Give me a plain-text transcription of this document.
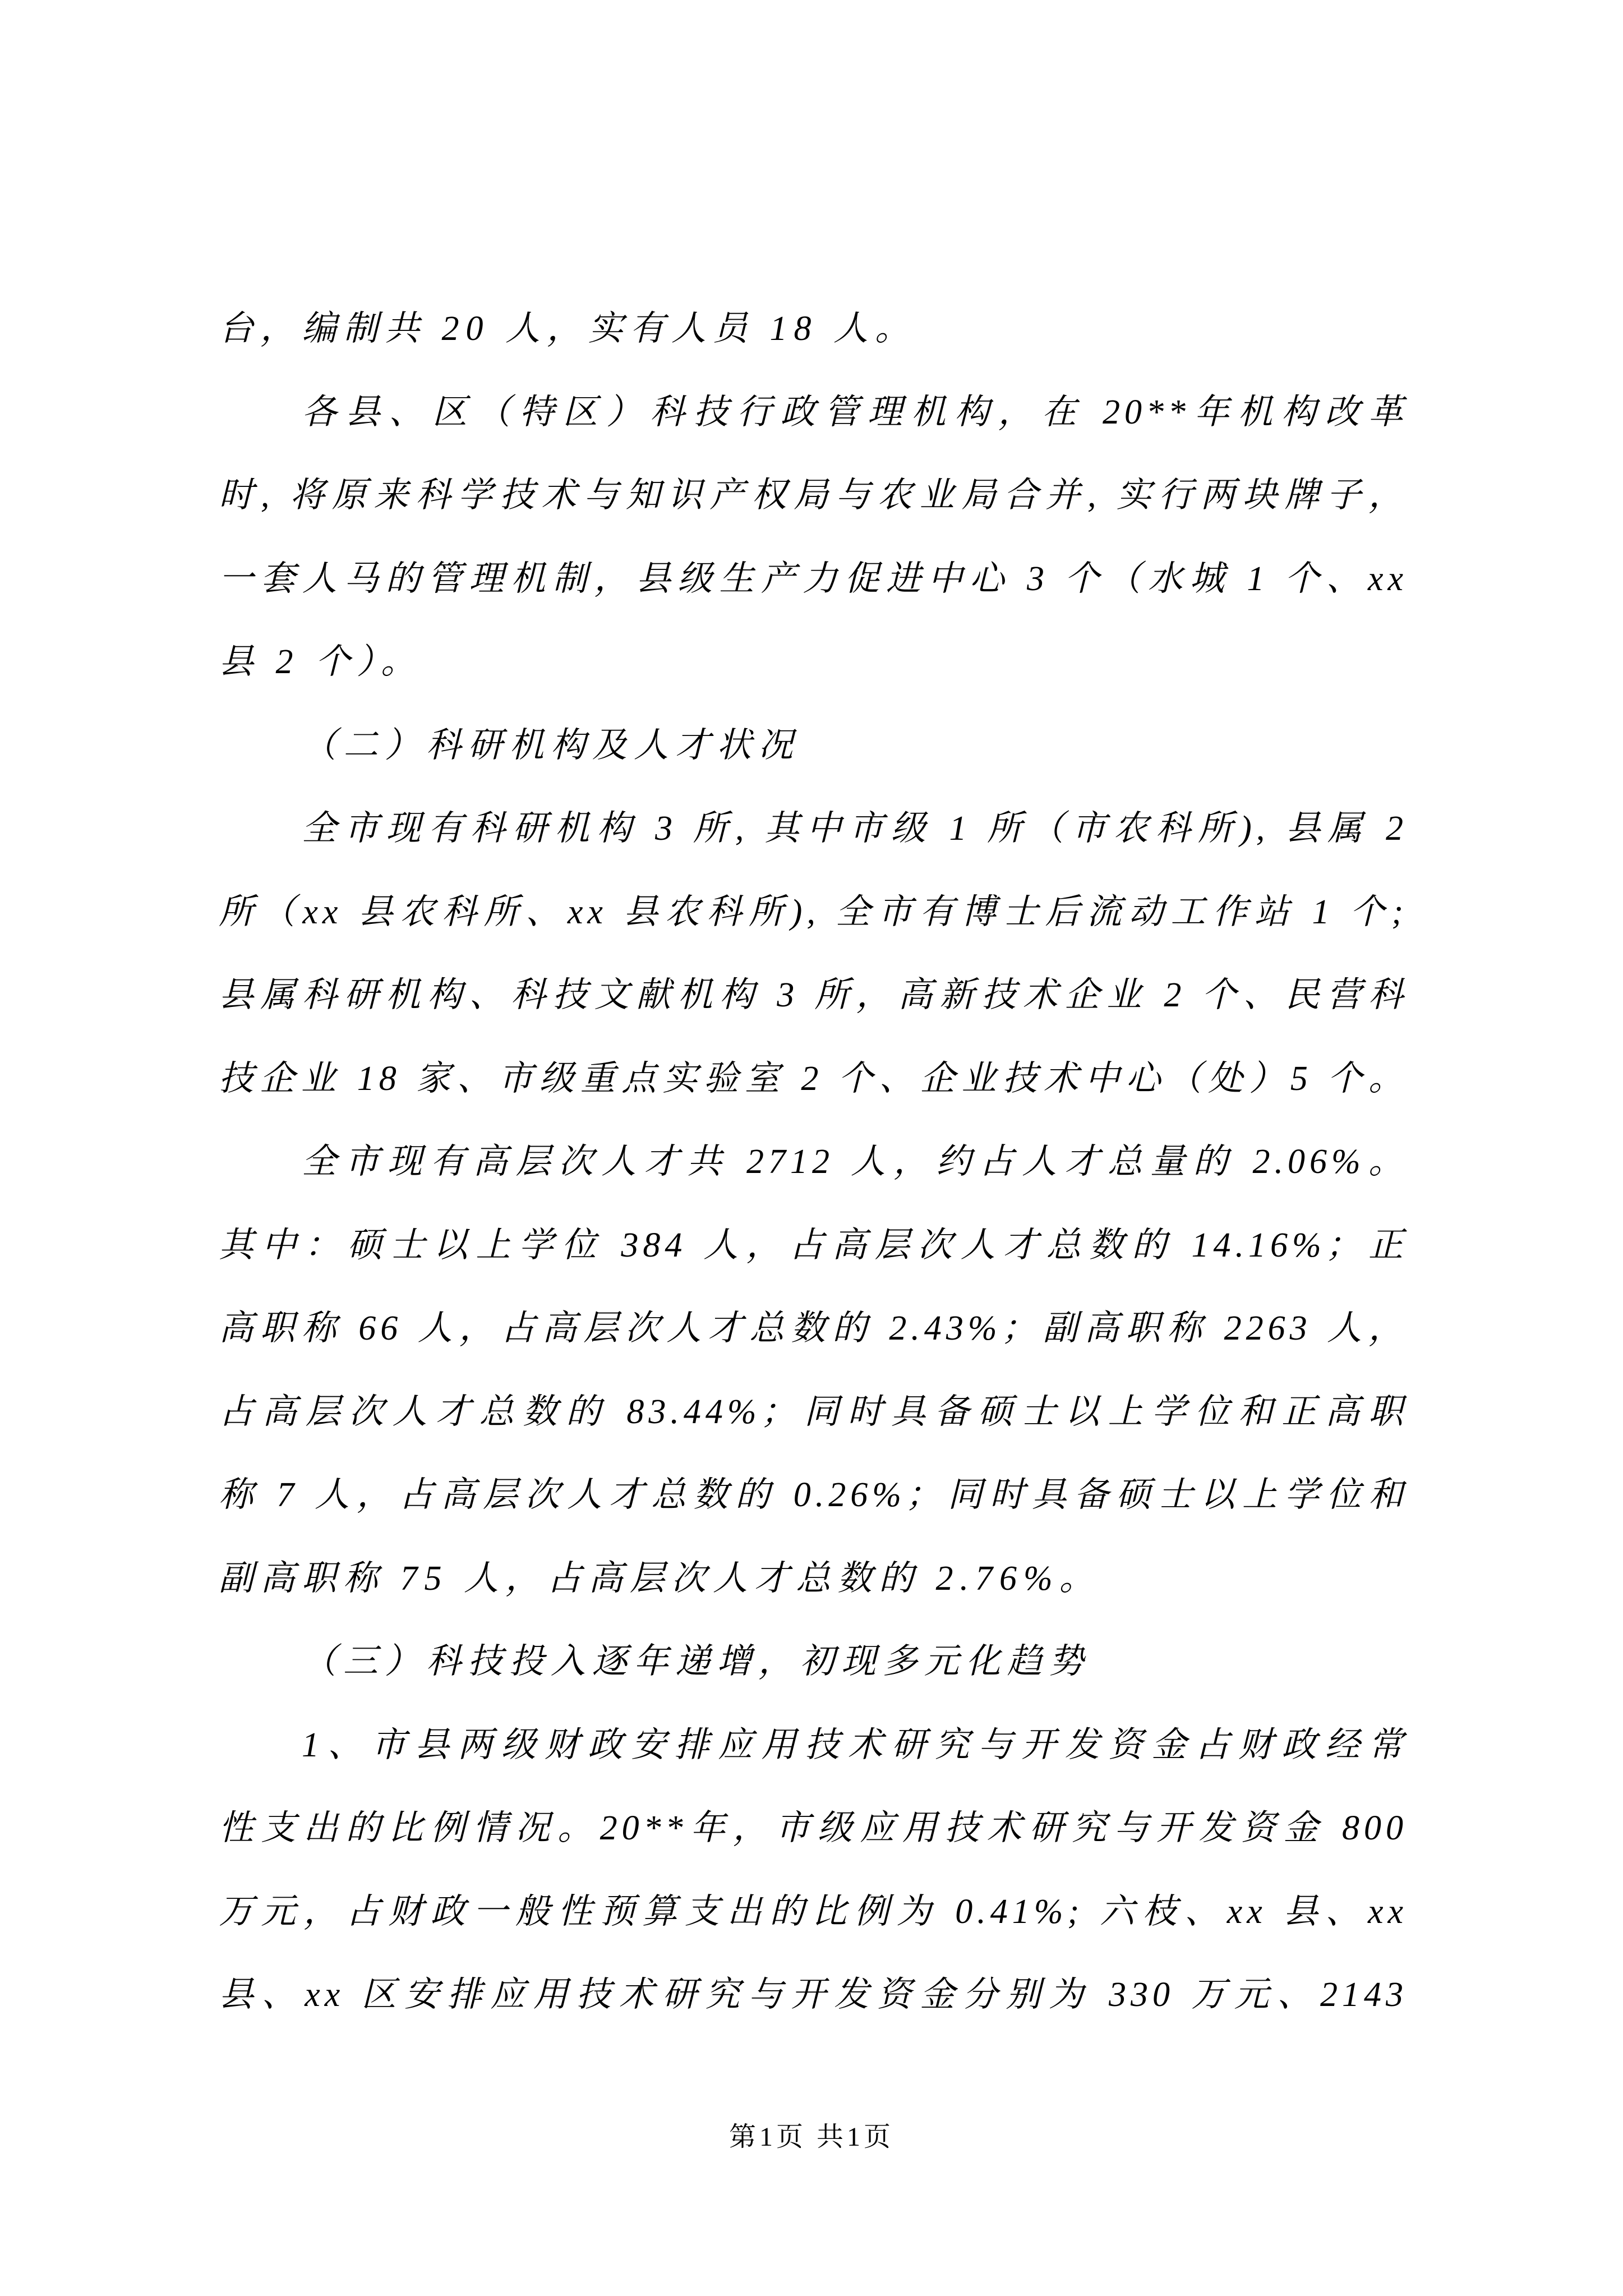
台，编制共 20 人，实有人员 18 人。
各县、区（特区）科技行政管理机构，在 20**年机构改革
时, 将原来科学技术与知识产权局与农业局合并, 实行两块牌子，
一套人马的管理机制，县级生产力促进中心 3 个（水城 1 个、xx
县 2 个）。
（二）科研机构及人才状况
全市现有科研机构 3 所, 其中市级 1 所（市农科所), 县属 2
所（xx 县农科所、xx 县农科所), 全市有博士后流动工作站 1 个;
县属科研机构、科技文献机构 3 所，高新技术企业 2 个、民营科
技企业 18 家、市级重点实验室 2 个、企业技术中心（处）5 个。
全市现有高层次人才共 2712 人，约占人才总量的 2.06%。
其中：硕士以上学位 384 人，占高层次人才总数的 14.16%；正
高职称 66 人，占高层次人才总数的 2.43%；副高职称 2263 人，
占高层次人才总数的 83.44%；同时具备硕士以上学位和正高职
称 7 人，占高层次人才总数的 0.26%；同时具备硕士以上学位和
副高职称 75 人，占高层次人才总数的 2.76%。
（三）科技投入逐年递增，初现多元化趋势
1、市县两级财政安排应用技术研究与开发资金占财政经常
性支出的比例情况。20**年，市级应用技术研究与开发资金 800
万元，占财政一般性预算支出的比例为 0.41%; 六枝、xx 县、xx
县、xx 区安排应用技术研究与开发资金分别为 330 万元、2143
第1页 共1页
